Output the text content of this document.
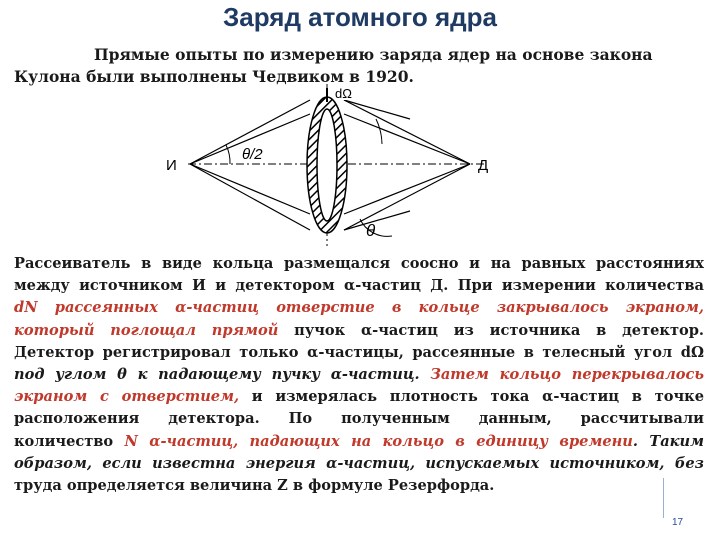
Заряд атомного ядра
Прямые опыты по измерению заряда ядер на основе закона
Кулона были выполнены Чедвиком в 1920.
dΩ
θ/2
θ
И	Д
Рассеиватель в виде кольца размещался соосно и на равных расстояниях
между источником И и детектором α-частиц Д. При измерении количества
dN рассеянных α-частиц отверстие в кольце закрывалось экраном,
который поглощал прямой пучок α-частиц из источника в детектор.
Детектор регистрировал только α-частицы, рассеянные в телесный угол dΩ
под углом θ к падающему пучку α-частиц. Затем кольцо перекрывалось
экраном с отверстием, и измерялась плотность тока α-частиц в точке
расположения детектора. По полученным данным, рассчитывали
количество N α-частиц, падающих на кольцо в единицу времени. Таким
образом, если известна энергия α-частиц, испускаемых источником, без
труда определяется величина Z в формуле Резерфорда.
17
